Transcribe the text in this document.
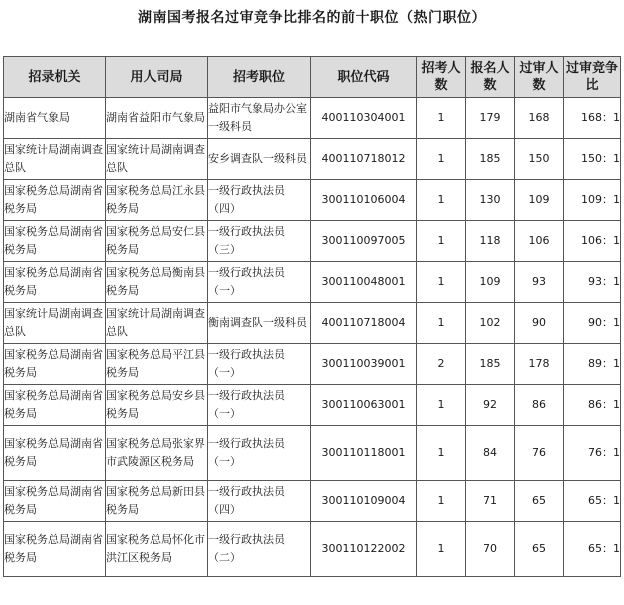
湖南国考报名过审竞争比排名的前十职位（热门职位）
招录机关	用人司局	招考职位	职位代码	招考人数	报名人数	过审人数	过审竞争比
湖南省气象局	湖南省益阳市气象局	益阳市气象局办公室一级科员	400110304001	1	179	168	168：1
国家统计局湖南调查总队	国家统计局湖南调查总队	安乡调查队一级科员	400110718012	1	185	150	150：1
国家税务总局湖南省税务局	国家税务总局江永县税务局	一级行政执法员（四）	300110106004	1	130	109	109：1
国家税务总局湖南省税务局	国家税务总局安仁县税务局	一级行政执法员（三）	300110097005	1	118	106	106：1
国家税务总局湖南省税务局	国家税务总局衡南县税务局	一级行政执法员（一）	300110048001	1	109	93	93：1
国家统计局湖南调查总队	国家统计局湖南调查总队	衡南调查队一级科员	400110718004	1	102	90	90：1
国家税务总局湖南省税务局	国家税务总局平江县税务局	一级行政执法员（一）	300110039001	2	185	178	89：1
国家税务总局湖南省税务局	国家税务总局安乡县税务局	一级行政执法员（一）	300110063001	1	92	86	86：1
国家税务总局湖南省税务局	国家税务总局张家界市武陵源区税务局	一级行政执法员（一）	300110118001	1	84	76	76：1
国家税务总局湖南省税务局	国家税务总局新田县税务局	一级行政执法员（四）	300110109004	1	71	65	65：1
国家税务总局湖南省税务局	国家税务总局怀化市洪江区税务局	一级行政执法员（二）	300110122002	1	70	65	65：1
